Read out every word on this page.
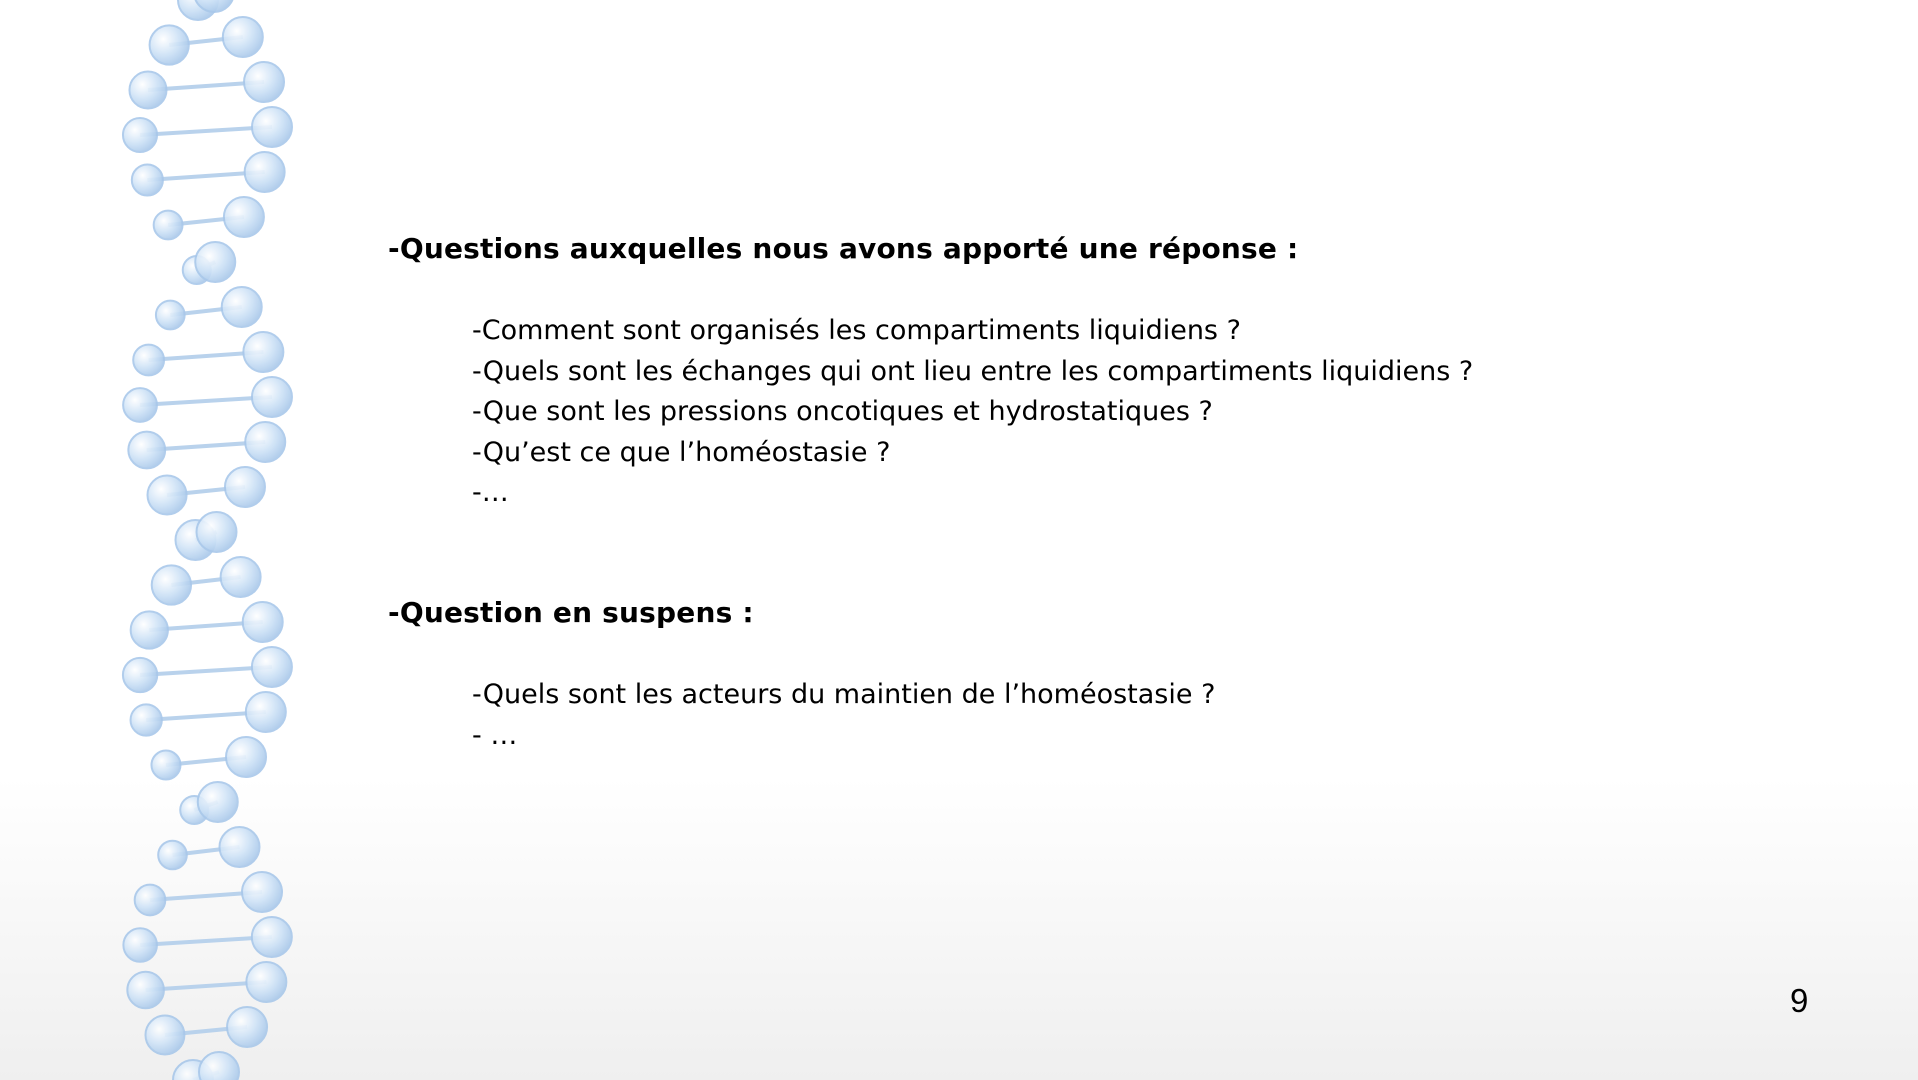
-Questions auxquelles nous avons apporté une réponse :
-Comment sont organisés les compartiments liquidiens ?
-Quels sont les échanges qui ont lieu entre les compartiments liquidiens ?
-Que sont les pressions oncotiques et hydrostatiques ?
-Qu’est ce que l’homéostasie ?
-…
-Question en suspens :
-Quels sont les acteurs du maintien de l’homéostasie ?
- …
9
